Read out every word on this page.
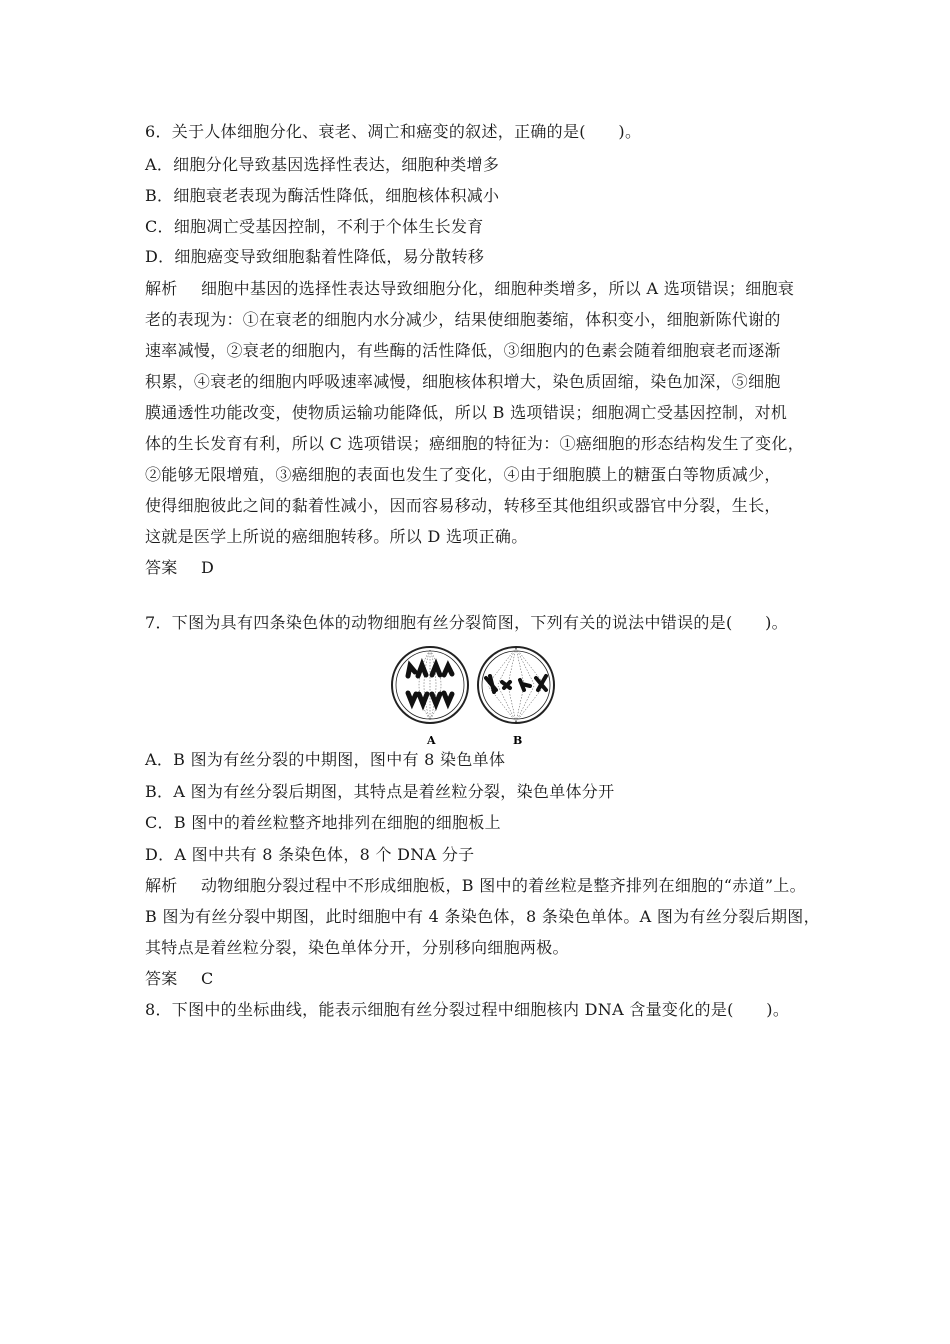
6．关于人体细胞分化、衰老、凋亡和癌变的叙述，正确的是(　　)。
A．细胞分化导致基因选择性表达，细胞种类增多
B．细胞衰老表现为酶活性降低，细胞核体积减小
C．细胞凋亡受基因控制，不利于个体生长发育
D．细胞癌变导致细胞黏着性降低，易分散转移
解析 细胞中基因的选择性表达导致细胞分化，细胞种类增多，所以 A 选项错误；细胞衰
老的表现为：①在衰老的细胞内水分减少，结果使细胞萎缩，体积变小，细胞新陈代谢的
速率减慢，②衰老的细胞内，有些酶的活性降低，③细胞内的色素会随着细胞衰老而逐渐
积累，④衰老的细胞内呼吸速率减慢，细胞核体积增大，染色质固缩，染色加深，⑤细胞
膜通透性功能改变，使物质运输功能降低，所以 B 选项错误；细胞凋亡受基因控制，对机
体的生长发育有利，所以 C 选项错误；癌细胞的特征为：①癌细胞的形态结构发生了变化，
②能够无限增殖，③癌细胞的表面也发生了变化，④由于细胞膜上的糖蛋白等物质减少，
使得细胞彼此之间的黏着性减小，因而容易移动，转移至其他组织或器官中分裂，生长，
这就是医学上所说的癌细胞转移。所以 D 选项正确。
答案 D
7．下图为具有四条染色体的动物细胞有丝分裂简图，下列有关的说法中错误的是(　　)。
A	B
A．B 图为有丝分裂的中期图，图中有 8 染色单体
B．A 图为有丝分裂后期图，其特点是着丝粒分裂，染色单体分开
C．B 图中的着丝粒整齐地排列在细胞的细胞板上
D．A 图中共有 8 条染色体，8 个 DNA 分子
解析 动物细胞分裂过程中不形成细胞板，B 图中的着丝粒是整齐排列在细胞的“赤道”上。
B 图为有丝分裂中期图，此时细胞中有 4 条染色体，8 条染色单体。A 图为有丝分裂后期图，
其特点是着丝粒分裂，染色单体分开，分别移向细胞两极。
答案 C
8．下图中的坐标曲线，能表示细胞有丝分裂过程中细胞核内 DNA 含量变化的是(　　)。
